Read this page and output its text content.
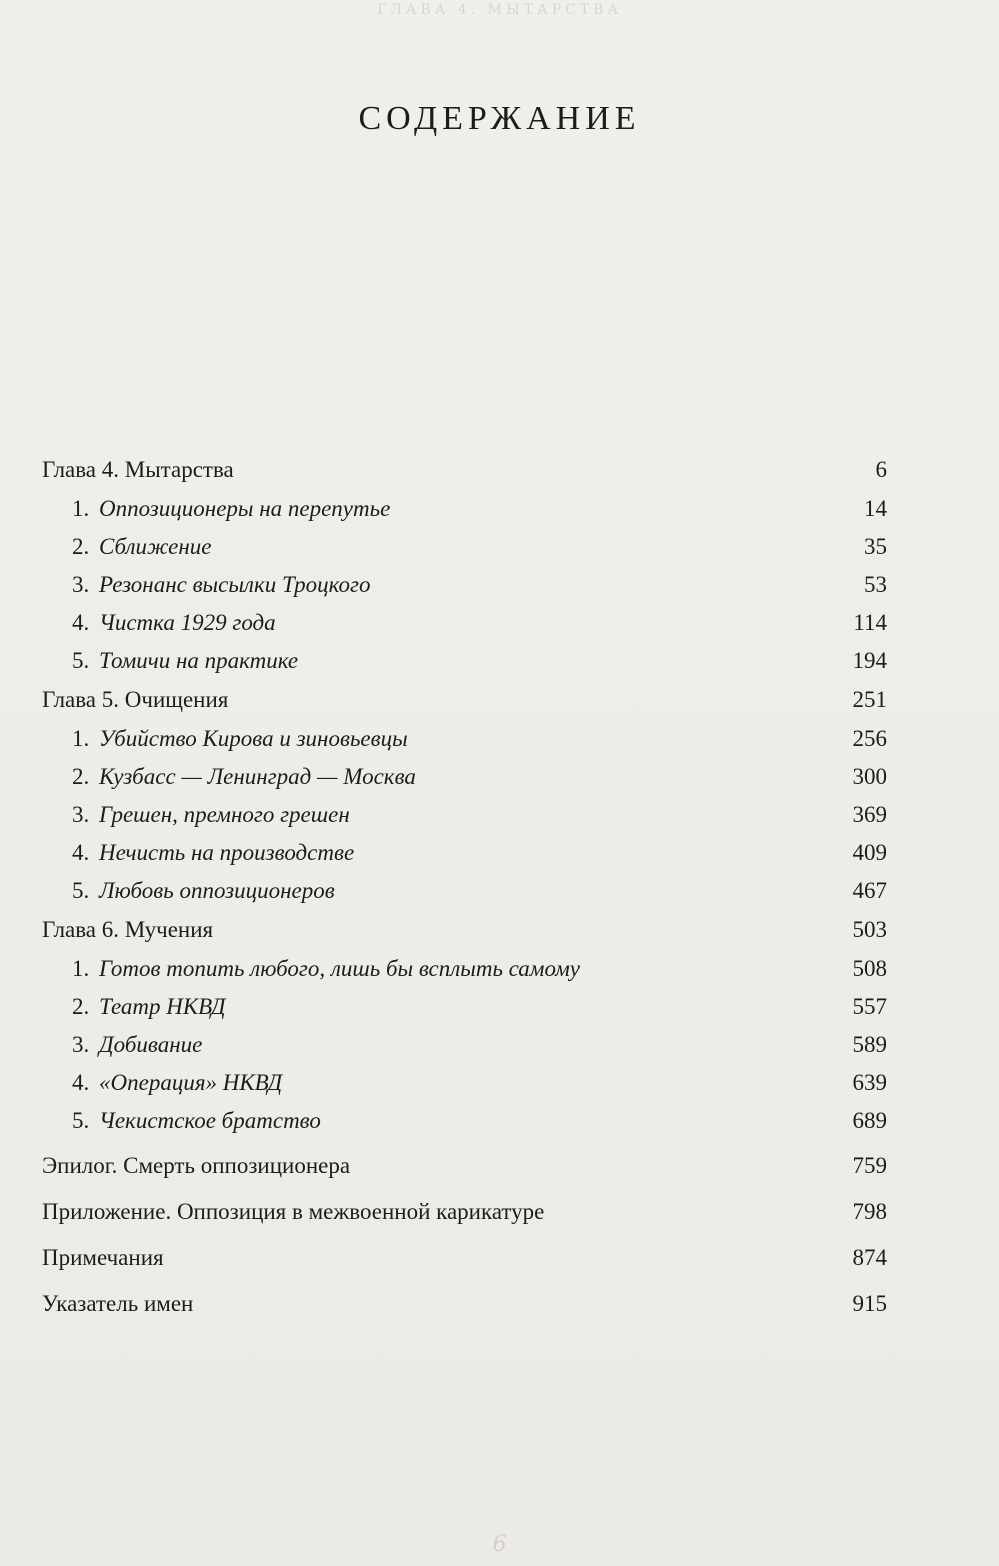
ГЛАВА 4. МЫТАРСТВА
СОДЕРЖАНИЕ
Глава 4. Мытарства	6
1. Оппозиционеры на перепутье	14
2. Сближение	35
3. Резонанс высылки Троцкого	53
4. Чистка 1929 года	114
5. Томичи на практике	194
Глава 5. Очищения	251
1. Убийство Кирова и зиновьевцы	256
2. Кузбасс — Ленинград — Москва	300
3. Грешен, премного грешен	369
4. Нечисть на производстве	409
5. Любовь оппозиционеров	467
Глава 6. Мучения	503
1. Готов топить любого, лишь бы всплыть самому	508
2. Театр НКВД	557
3. Добивание	589
4. «Операция» НКВД	639
5. Чекистское братство	689
Эпилог. Смерть оппозиционера	759
Приложение. Оппозиция в межвоенной карикатуре	798
Примечания	874
Указатель имен	915
6
